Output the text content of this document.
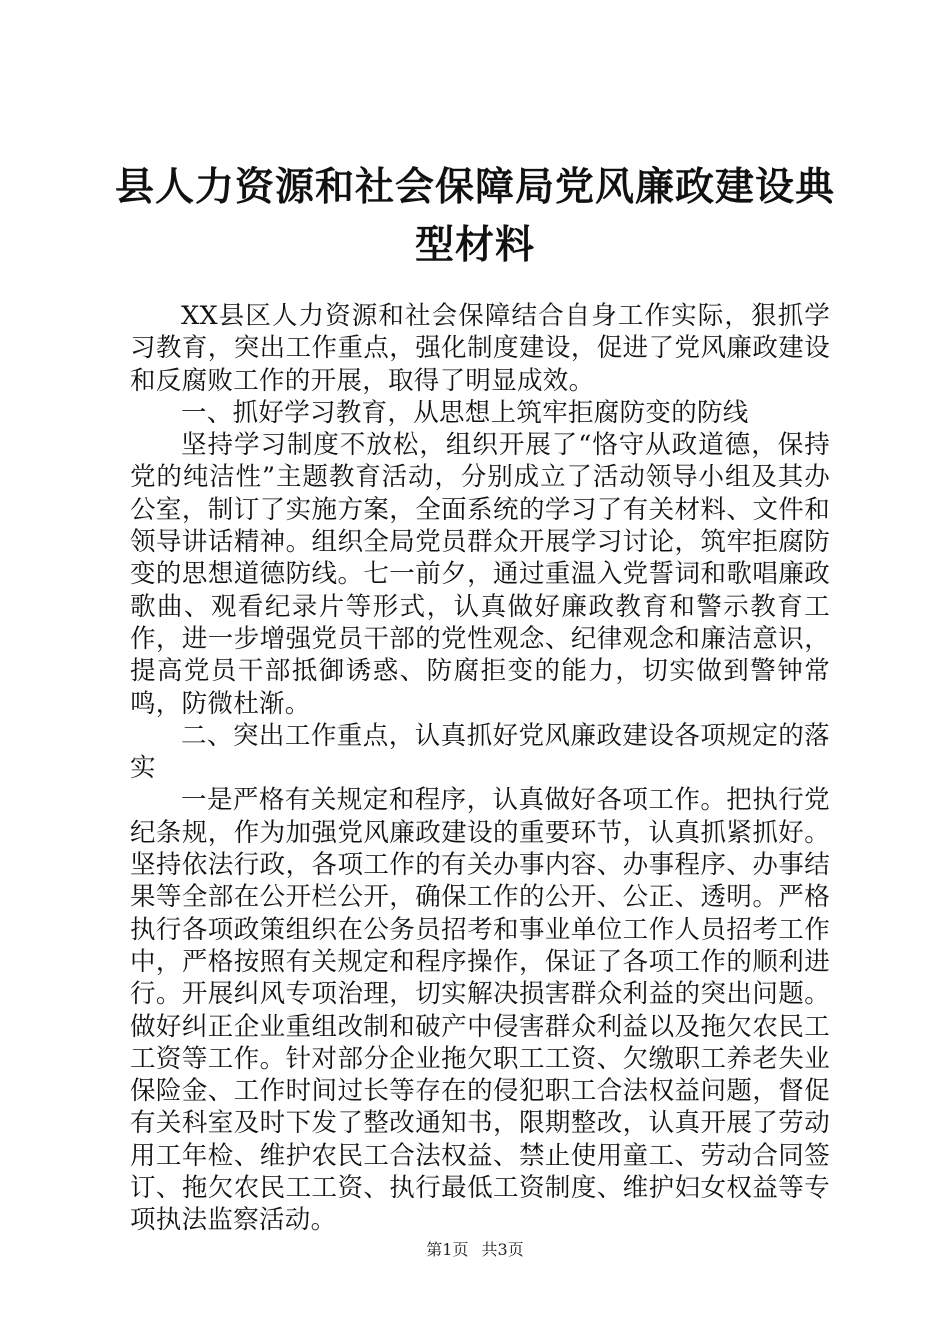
县人力资源和社会保障局党风廉政建设典型材料

XX县区人力资源和社会保障结合自身工作实际，狠抓学习教育，突出工作重点，强化制度建设，促进了党风廉政建设和反腐败工作的开展，取得了明显成效。

一、抓好学习教育，从思想上筑牢拒腐防变的防线

坚持学习制度不放松，组织开展了“恪守从政道德，保持党的纯洁性”主题教育活动，分别成立了活动领导小组及其办公室，制订了实施方案，全面系统的学习了有关材料、文件和领导讲话精神。组织全局党员群众开展学习讨论，筑牢拒腐防变的思想道德防线。七一前夕，通过重温入党誓词和歌唱廉政歌曲、观看纪录片等形式，认真做好廉政教育和警示教育工作，进一步增强党员干部的党性观念、纪律观念和廉洁意识，提高党员干部抵御诱惑、防腐拒变的能力，切实做到警钟常鸣，防微杜渐。

二、突出工作重点，认真抓好党风廉政建设各项规定的落实

一是严格有关规定和程序，认真做好各项工作。把执行党纪条规，作为加强党风廉政建设的重要环节，认真抓紧抓好。坚持依法行政，各项工作的有关办事内容、办事程序、办事结果等全部在公开栏公开，确保工作的公开、公正、透明。严格执行各项政策组织在公务员招考和事业单位工作人员招考工作中，严格按照有关规定和程序操作，保证了各项工作的顺利进行。开展纠风专项治理，切实解决损害群众利益的突出问题。做好纠正企业重组改制和破产中侵害群众利益以及拖欠农民工工资等工作。针对部分企业拖欠职工工资、欠缴职工养老失业保险金、工作时间过长等存在的侵犯职工合法权益问题，督促有关科室及时下发了整改通知书，限期整改，认真开展了劳动用工年检、维护农民工合法权益、禁止使用童工、劳动合同签订、拖欠农民工工资、执行最低工资制度、维护妇女权益等专项执法监察活动。

第1页 共3页
